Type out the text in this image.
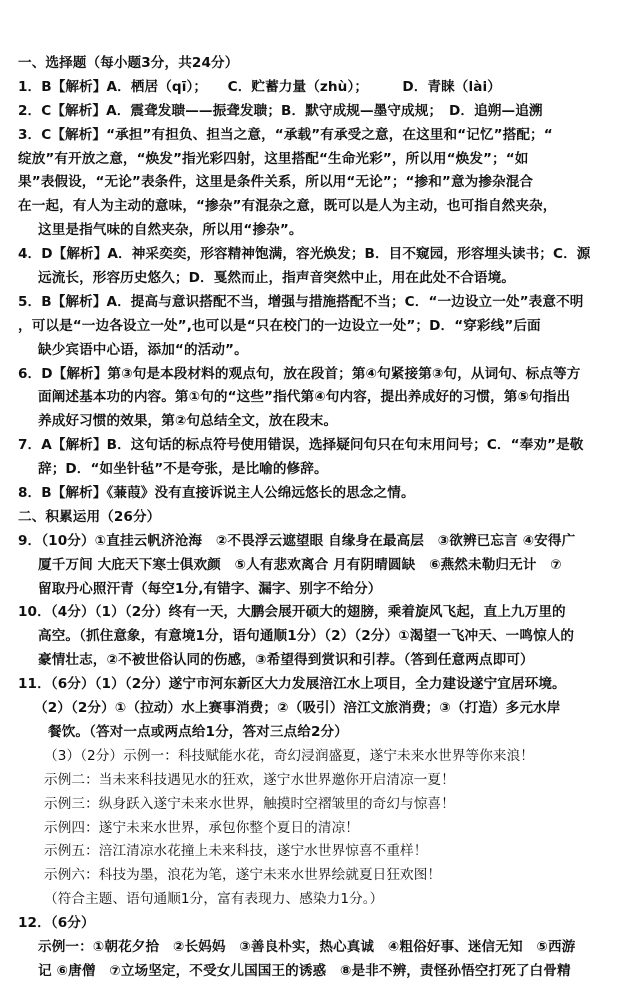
一、选择题（每小题3分，共24分）
1．B【解析】A．栖居（qī）；　　C．贮蓄力量（zhù）；　　　D．青睐（lài）
2．C【解析】A．震聋发聩——振聋发聩；B．默守成规—墨守成规；　D．追朔—追溯
3．C【解析】“承担”有担负、担当之意，“承载”有承受之意，在这里和“记忆”搭配；“
绽放”有开放之意，“焕发”指光彩四射，这里搭配“生命光彩”，所以用“焕发”；“如
果”表假设，“无论”表条件，这里是条件关系，所以用“无论”；“掺和”意为掺杂混合
在一起，有人为主动的意味，“掺杂”有混杂之意，既可以是人为主动，也可指自然夹杂，
这里是指气味的自然夹杂，所以用“掺杂”。
4．D【解析】A．神采奕奕，形容精神饱满，容光焕发；B．目不窥园，形容埋头读书；C．源
远流长，形容历史悠久；D．戛然而止，指声音突然中止，用在此处不合语境。
5．B【解析】A．提高与意识搭配不当，增强与措施搭配不当；C．“一边设立一处”表意不明
，可以是“一边各设立一处”,也可以是“只在校门的一边设立一处”；D．“穿彩线”后面
缺少宾语中心语，添加“的活动”。
6．D【解析】第③句是本段材料的观点句，放在段首；第④句紧接第③句，从词句、标点等方
面阐述基本功的内容。第①句的“这些”指代第④句内容，提出养成好的习惯，第⑤句指出
养成好习惯的效果，第②句总结全文，放在段末。
7．A【解析】B．这句话的标点符号使用错误，选择疑问句只在句末用问号；C．“奉劝”是敬
辞；D．“如坐针毡”不是夸张，是比喻的修辞。
8．B【解析】《蒹葭》没有直接诉说主人公绵远悠长的思念之情。
二、积累运用（26分）
9．（10分）①直挂云帆济沧海　②不畏浮云遮望眼 自缘身在最高层　③欲辨已忘言 ④安得广
厦千万间 大庇天下寒士俱欢颜　⑤人有悲欢离合 月有阴晴圆缺　⑥燕然未勒归无计　⑦
留取丹心照汗青（每空1分,有错字、漏字、别字不给分）
10．（4分）（1）（2分）终有一天，大鹏会展开硕大的翅膀，乘着旋风飞起，直上九万里的
高空。（抓住意象，有意境1分，语句通顺1分）（2）（2分）①渴望一飞冲天、一鸣惊人的
豪情壮志，②不被世俗认同的伤感，③希望得到赏识和引荐。（答到任意两点即可）
11．（6分）（1）（2分）遂宁市河东新区大力发展涪江水上项目，全力建设遂宁宜居环境。
（2）（2分）①（拉动）水上赛事消费；②（吸引）涪江文旅消费；③（打造）多元水岸
餐饮。（答对一点或两点给1分，答对三点给2分）
（3）（2分）示例一：科技赋能水花，奇幻浸润盛夏，遂宁未来水世界等你来浪！
示例二：当未来科技遇见水的狂欢，遂宁水世界邀你开启清凉一夏！
示例三：纵身跃入遂宁未来水世界，触摸时空褶皱里的奇幻与惊喜！
示例四：遂宁未来水世界，承包你整个夏日的清凉！
示例五：涪江清凉水花撞上未来科技，遂宁水世界惊喜不重样！
示例六：科技为墨，浪花为笔，遂宁未来水世界绘就夏日狂欢图！
（符合主题、语句通顺1分，富有表现力、感染力1分。）
12．（6分）
示例一：①朝花夕拾　②长妈妈　③善良朴实，热心真诚　④粗俗好事、迷信无知　⑤西游
记 ⑥唐僧　⑦立场坚定，不受女儿国国王的诱惑　⑧是非不辨，责怪孙悟空打死了白骨精
